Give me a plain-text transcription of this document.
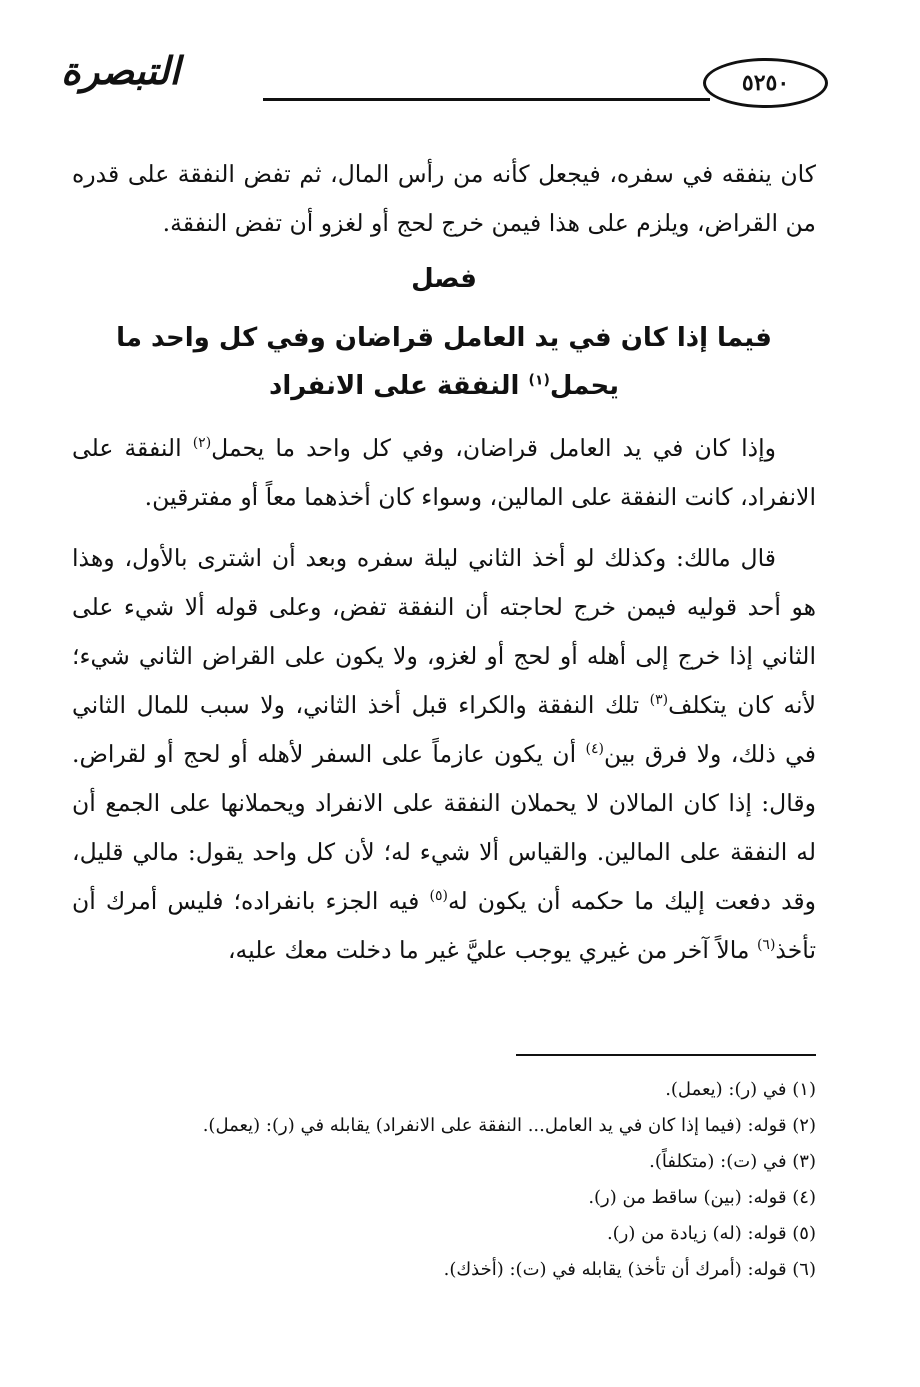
التبصرة	٥٢٥٠

كان ينفقه في سفره، فيجعل كأنه من رأس المال، ثم تفض النفقة على قدره من القراض، ويلزم على هذا فيمن خرج لحج أو لغزو أن تفض النفقة.

فصل
فيما إذا كان في يد العامل قراضان وفي كل واحد ما يحمل$^{(١)}$ النفقة على الانفراد

وإذا كان في يد العامل قراضان، وفي كل واحد ما يحمل$^{(٢)}$ النفقة على الانفراد، كانت النفقة على المالين، وسواء كان أخذهما معاً أو مفترقين.

قال مالك: وكذلك لو أخذ الثاني ليلة سفره وبعد أن اشترى بالأول، وهذا هو أحد قوليه فيمن خرج لحاجته أن النفقة تفض، وعلى قوله ألا شيء على الثاني إذا خرج إلى أهله أو لحج أو لغزو، ولا يكون على القراض الثاني شيء؛ لأنه كان يتكلف$^{(٣)}$ تلك النفقة والكراء قبل أخذ الثاني، ولا سبب للمال الثاني في ذلك، ولا فرق بين$^{(٤)}$ أن يكون عازماً على السفر لأهله أو لحج أو لقراض. وقال: إذا كان المالان لا يحملان النفقة على الانفراد ويحملانها على الجمع أن له النفقة على المالين. والقياس ألا شيء له؛ لأن كل واحد يقول: مالي قليل، وقد دفعت إليك ما حكمه أن يكون له$^{(٥)}$ فيه الجزء بانفراده؛ فليس أمرك أن تأخذ$^{(٦)}$ مالاً آخر من غيري يوجب عليَّ غير ما دخلت معك عليه،

(١) في (ر): (يعمل).
(٢) قوله: (فيما إذا كان في يد العامل... النفقة على الانفراد) يقابله في (ر): (يعمل).
(٣) في (ت): (متكلفاً).
(٤) قوله: (بين) ساقط من (ر).
(٥) قوله: (له) زيادة من (ر).
(٦) قوله: (أمرك أن تأخذ) يقابله في (ت): (أخذك).
